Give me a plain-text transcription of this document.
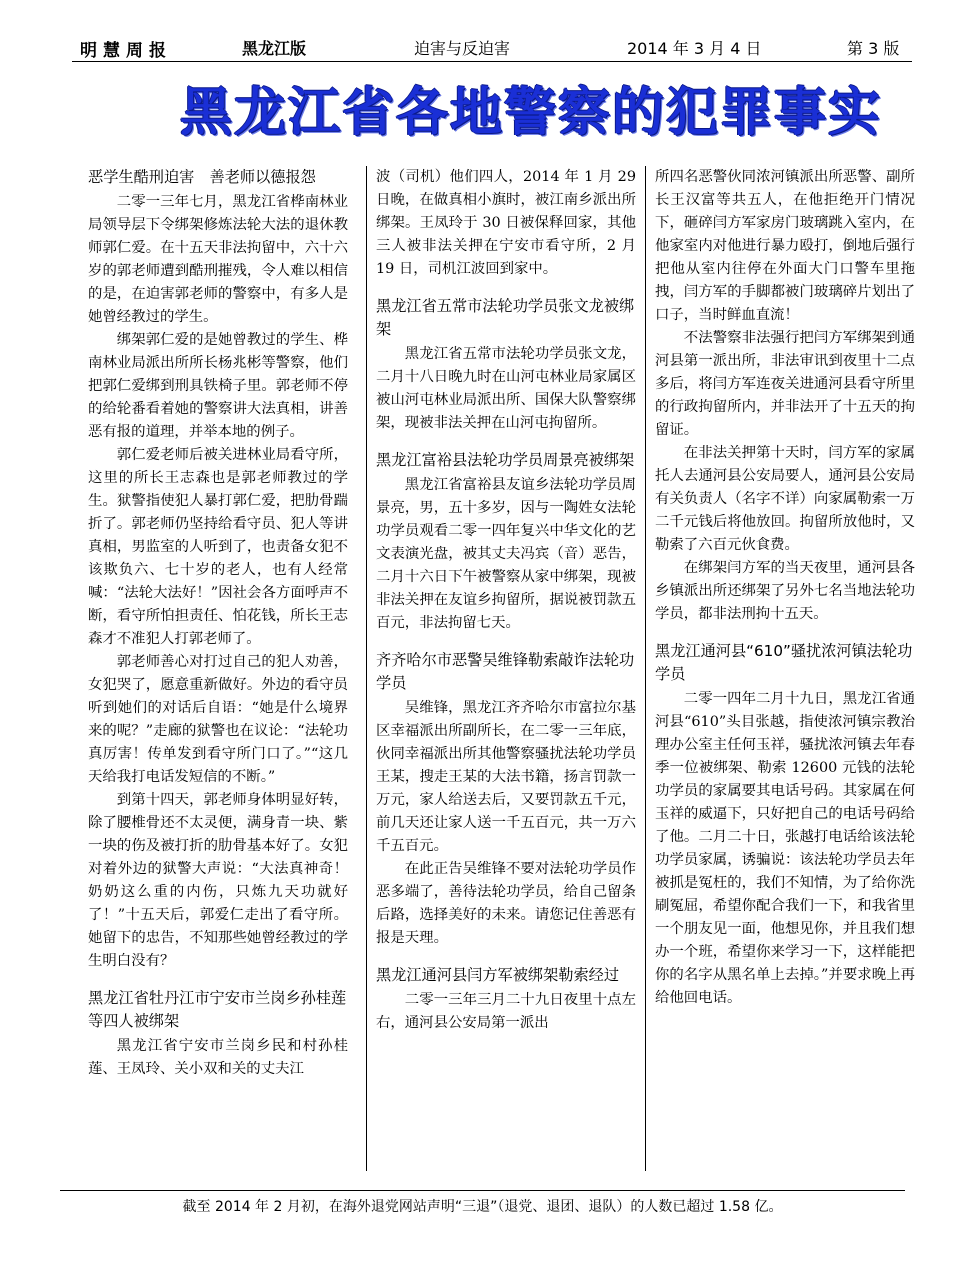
明慧周报	黑龙江版	迫害与反迫害	2014 年 3 月 4 日	第 3 版
黑龙江省各地警察的犯罪事实
恶学生酷刑迫害　善老师以德报怨

二零一三年七月，黑龙江省桦南林业局领导层下令绑架修炼法轮大法的退休教师郭仁爱。在十五天非法拘留中，六十六岁的郭老师遭到酷刑摧残，令人难以相信的是，在迫害郭老师的警察中，有多人是她曾经教过的学生。

绑架郭仁爱的是她曾教过的学生、桦南林业局派出所所长杨兆彬等警察，他们把郭仁爱绑到刑具铁椅子里。郭老师不停的给轮番看着她的警察讲大法真相，讲善恶有报的道理，并举本地的例子。

郭仁爱老师后被关进林业局看守所，这里的所长王志森也是郭老师教过的学生。狱警指使犯人暴打郭仁爱，把肋骨踹折了。郭老师仍坚持给看守员、犯人等讲真相，男监室的人听到了，也责备女犯不该欺负六、七十岁的老人，也有人经常喊：“法轮大法好！”因社会各方面呼声不断，看守所怕担责任、怕花钱，所长王志森才不准犯人打郭老师了。

郭老师善心对打过自己的犯人劝善，女犯哭了，愿意重新做好。外边的看守员听到她们的对话后自语：“她是什么境界来的呢？”走廊的狱警也在议论：“法轮功真厉害！传单发到看守所门口了。”“这几天给我打电话发短信的不断。”

到第十四天，郭老师身体明显好转，除了腰椎骨还不太灵便，满身青一块、紫一块的伤及被打折的肋骨基本好了。女犯对着外边的狱警大声说：“大法真神奇！奶奶这么重的内伤，只炼九天功就好了！”十五天后，郭爱仁走出了看守所。她留下的忠告，不知那些她曾经教过的学生明白没有？

黑龙江省牡丹江市宁安市兰岗乡孙桂莲等四人被绑架

黑龙江省宁安市兰岗乡民和村孙桂莲、王凤玲、关小双和关的丈夫江

波（司机）他们四人，2014 年 1 月 29 日晚，在做真相小旗时，被江南乡派出所绑架。王凤玲于 30 日被保释回家，其他三人被非法关押在宁安市看守所，2 月 19 日，司机江波回到家中。

黑龙江省五常市法轮功学员张文龙被绑架

黑龙江省五常市法轮功学员张文龙，二月十八日晚九时在山河屯林业局家属区被山河屯林业局派出所、国保大队警察绑架，现被非法关押在山河屯拘留所。

黑龙江富裕县法轮功学员周景亮被绑架

黑龙江省富裕县友谊乡法轮功学员周景亮，男，五十多岁，因与一陶姓女法轮功学员观看二零一四年复兴中华文化的艺文表演光盘，被其丈夫冯宾（音）恶告，二月十六日下午被警察从家中绑架，现被非法关押在友谊乡拘留所，据说被罚款五百元，非法拘留七天。

齐齐哈尔市恶警吴维锋勒索敲诈法轮功学员

吴维锋，黑龙江齐齐哈尔市富拉尔基区幸福派出所副所长，在二零一三年底，伙同幸福派出所其他警察骚扰法轮功学员王某，搜走王某的大法书籍，扬言罚款一万元，家人给送去后，又要罚款五千元，前几天还让家人送一千五百元，共一万六千五百元。

在此正告吴维锋不要对法轮功学员作恶多端了，善待法轮功学员，给自己留条后路，选择美好的未来。请您记住善恶有报是天理。

黑龙江通河县闫方军被绑架勒索经过

二零一三年三月二十九日夜里十点左右，通河县公安局第一派出

所四名恶警伙同浓河镇派出所恶警、副所长王汉富等共五人，在他拒绝开门情况下，砸碎闫方军家房门玻璃跳入室内，在他家室内对他进行暴力殴打，倒地后强行把他从室内往停在外面大门口警车里拖拽，闫方军的手脚都被门玻璃碎片划出了口子，当时鲜血直流！

不法警察非法强行把闫方军绑架到通河县第一派出所，非法审讯到夜里十二点多后，将闫方军连夜关进通河县看守所里的行政拘留所内，并非法开了十五天的拘留证。

在非法关押第十天时，闫方军的家属托人去通河县公安局要人，通河县公安局有关负责人（名字不详）向家属勒索一万二千元钱后将他放回。拘留所放他时，又勒索了六百元伙食费。

在绑架闫方军的当天夜里，通河县各乡镇派出所还绑架了另外七名当地法轮功学员，都非法刑拘十五天。

黑龙江通河县“610”骚扰浓河镇法轮功学员

二零一四年二月十九日，黑龙江省通河县“610”头目张越，指使浓河镇宗教治理办公室主任何玉祥，骚扰浓河镇去年春季一位被绑架、勒索 12600 元钱的法轮功学员的家属要其电话号码。其家属在何玉祥的威逼下，只好把自己的电话号码给了他。二月二十日，张越打电话给该法轮功学员家属，诱骗说：该法轮功学员去年被抓是冤枉的，我们不知情，为了给你洗刷冤屈，希望你配合我们一下，和我省里一个朋友见一面，他想见你，并且我们想办一个班，希望你来学习一下，这样能把你的名字从黑名单上去掉。”并要求晚上再给他回电话。

截至 2014 年 2 月初，在海外退党网站声明“三退”（退党、退团、退队）的人数已超过 1.58 亿。
